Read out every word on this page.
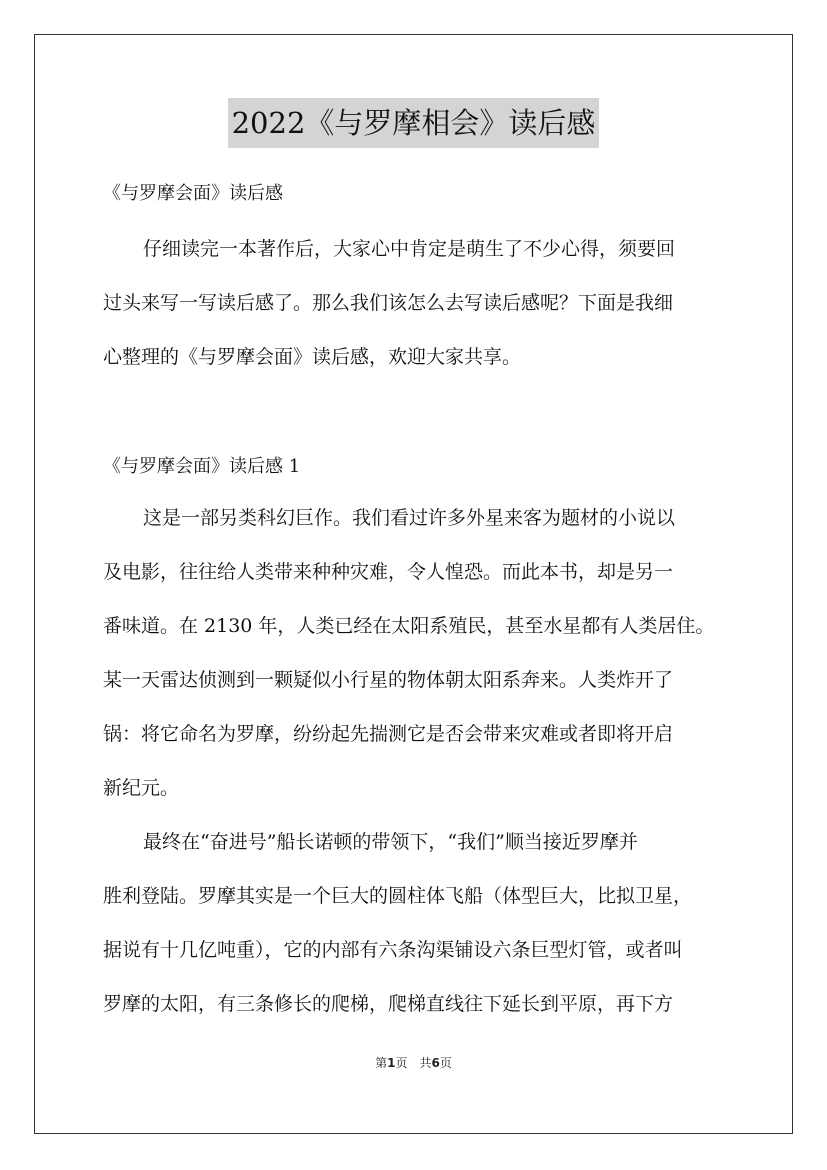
2022《与罗摩相会》读后感
《与罗摩会面》读后感
仔细读完一本著作后，大家心中肯定是萌生了不少心得，须要回
过头来写一写读后感了。那么我们该怎么去写读后感呢？下面是我细
心整理的《与罗摩会面》读后感，欢迎大家共享。
《与罗摩会面》读后感 1
这是一部另类科幻巨作。我们看过许多外星来客为题材的小说以
及电影，往往给人类带来种种灾难，令人惶恐。而此本书，却是另一
番味道。在 2130 年，人类已经在太阳系殖民，甚至水星都有人类居住。
某一天雷达侦测到一颗疑似小行星的物体朝太阳系奔来。人类炸开了
锅：将它命名为罗摩，纷纷起先揣测它是否会带来灾难或者即将开启
新纪元。
最终在“奋进号”船长诺顿的带领下，“我们”顺当接近罗摩并
胜利登陆。罗摩其实是一个巨大的圆柱体飞船（体型巨大，比拟卫星，
据说有十几亿吨重），它的内部有六条沟渠铺设六条巨型灯管，或者叫
罗摩的太阳，有三条修长的爬梯，爬梯直线往下延长到平原，再下方
第1页　共6页
